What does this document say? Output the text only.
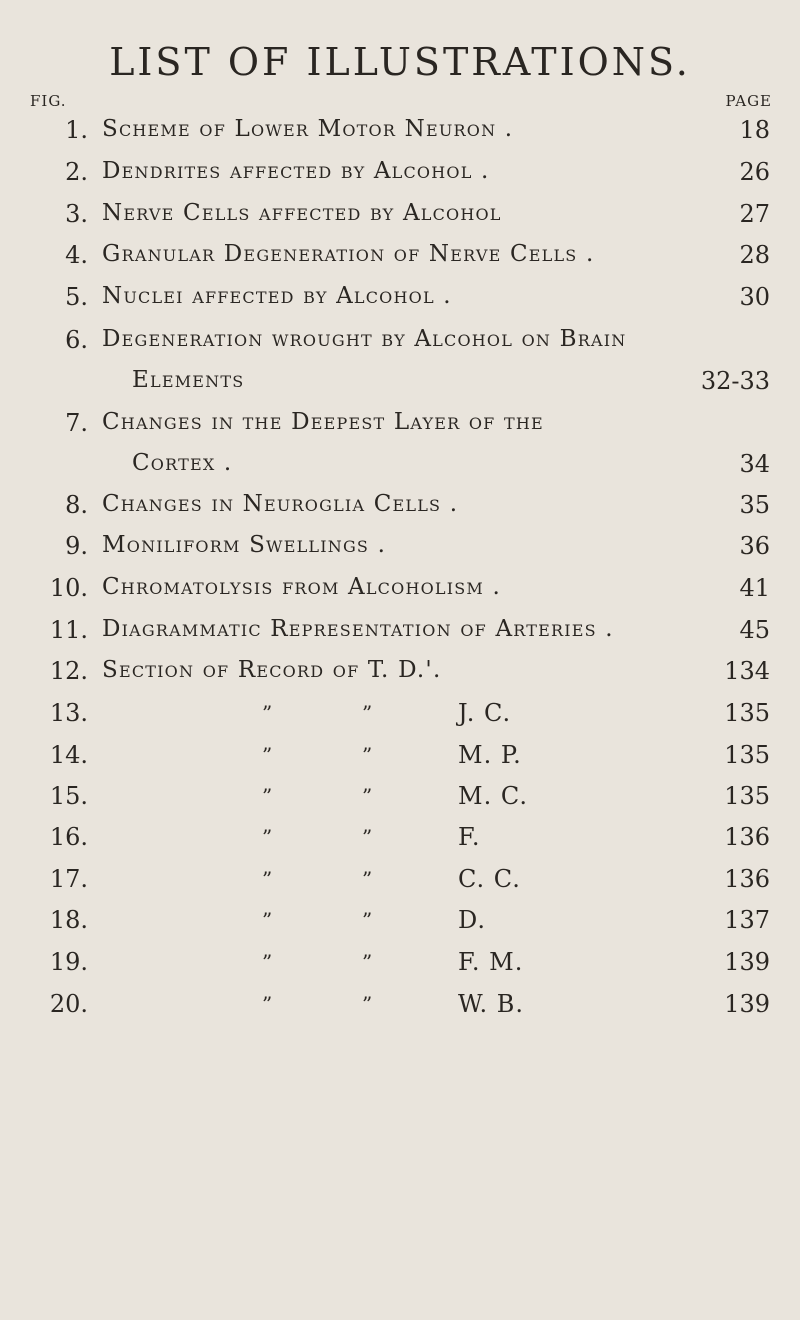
LIST OF ILLUSTRATIONS.
FIG.	PAGE
1. Scheme of Lower Motor Neuron .	18
2. Dendrites affected by Alcohol .	26
3. Nerve Cells affected by Alcohol	27
4. Granular Degeneration of Nerve Cells .	28
5. Nuclei affected by Alcohol .	30
6. Degeneration wrought by Alcohol on Brain
Elements	32-33
7. Changes in the Deepest Layer of the
Cortex .	34
8. Changes in Neuroglia Cells .	35
9. Moniliform Swellings .	36
10. Chromatolysis from Alcoholism .	41
11. Diagrammatic Representation of Arteries .	45
12. Section of Record of T. D.'.	134
13.	”	”	J. C.	135
14.	”	”	M. P.	135
15.	”	”	M. C.	135
16.	”	”	F.	136
17.	”	”	C. C.	136
18.	”	”	D.	137
19.	”	”	F. M.	139
20.	”	”	W. B.	139
